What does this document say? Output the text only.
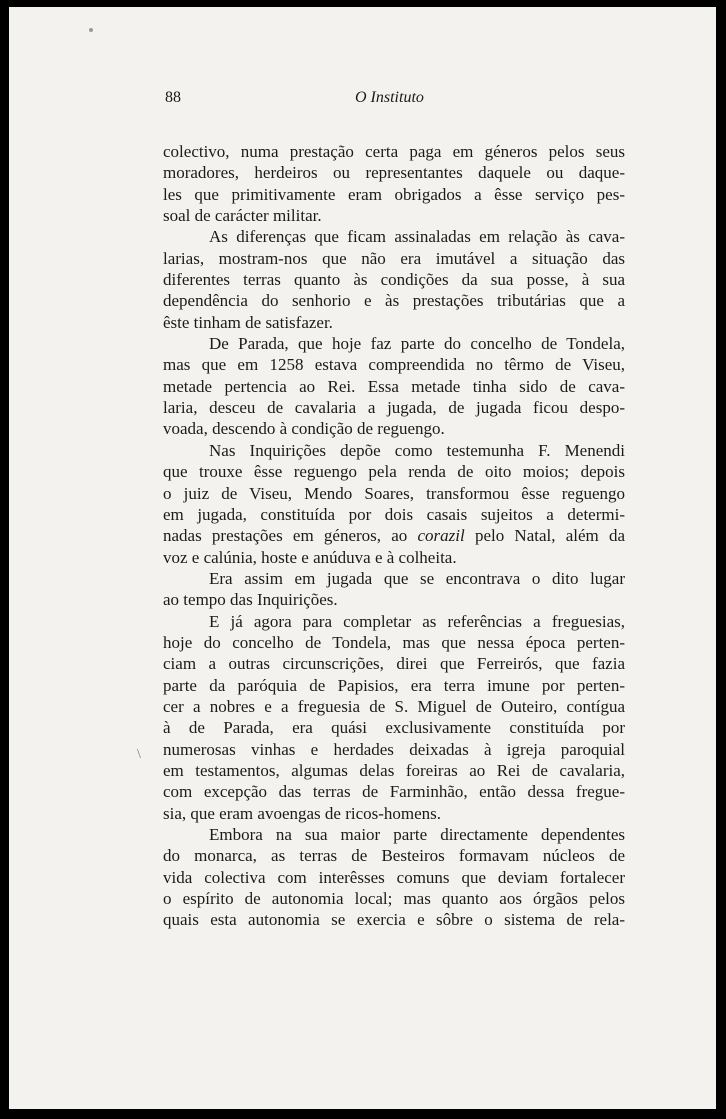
88	O Instituto
\
colectivo, numa prestação certa paga em géneros pelos seus
moradores, herdeiros ou representantes daquele ou daque-
les que primitivamente eram obrigados a êsse serviço pes-
soal de carácter militar.
As diferenças que ficam assinaladas em relação às cava-
larias, mostram-nos que não era imutável a situação das
diferentes terras quanto às condições da sua posse, à sua
dependência do senhorio e às prestações tributárias que a
êste tinham de satisfazer.
De Parada, que hoje faz parte do concelho de Tondela,
mas que em 1258 estava compreendida no têrmo de Viseu,
metade pertencia ao Rei. Essa metade tinha sido de cava-
laria, desceu de cavalaria a jugada, de jugada ficou despo-
voada, descendo à condição de reguengo.
Nas Inquirições depõe como testemunha F. Menendi
que trouxe êsse reguengo pela renda de oito moios; depois
o juiz de Viseu, Mendo Soares, transformou êsse reguengo
em jugada, constituída por dois casais sujeitos a determi-
nadas prestações em géneros, ao corazil pelo Natal, além da
voz e calúnia, hoste e anúduva e à colheita.
Era assim em jugada que se encontrava o dito lugar
ao tempo das Inquirições.
E já agora para completar as referências a freguesias,
hoje do concelho de Tondela, mas que nessa época perten-
ciam a outras circunscrições, direi que Ferreirós, que fazia
parte da paróquia de Papisios, era terra imune por perten-
cer a nobres e a freguesia de S. Miguel de Outeiro, contígua
à de Parada, era quási exclusivamente constituída por
numerosas vinhas e herdades deixadas à igreja paroquial
em testamentos, algumas delas foreiras ao Rei de cavalaria,
com excepção das terras de Farminhão, então dessa fregue-
sia, que eram avoengas de ricos-homens.
Embora na sua maior parte directamente dependentes
do monarca, as terras de Besteiros formavam núcleos de
vida colectiva com interêsses comuns que deviam fortalecer
o espírito de autonomia local; mas quanto aos órgãos pelos
quais esta autonomia se exercia e sôbre o sistema de rela-
